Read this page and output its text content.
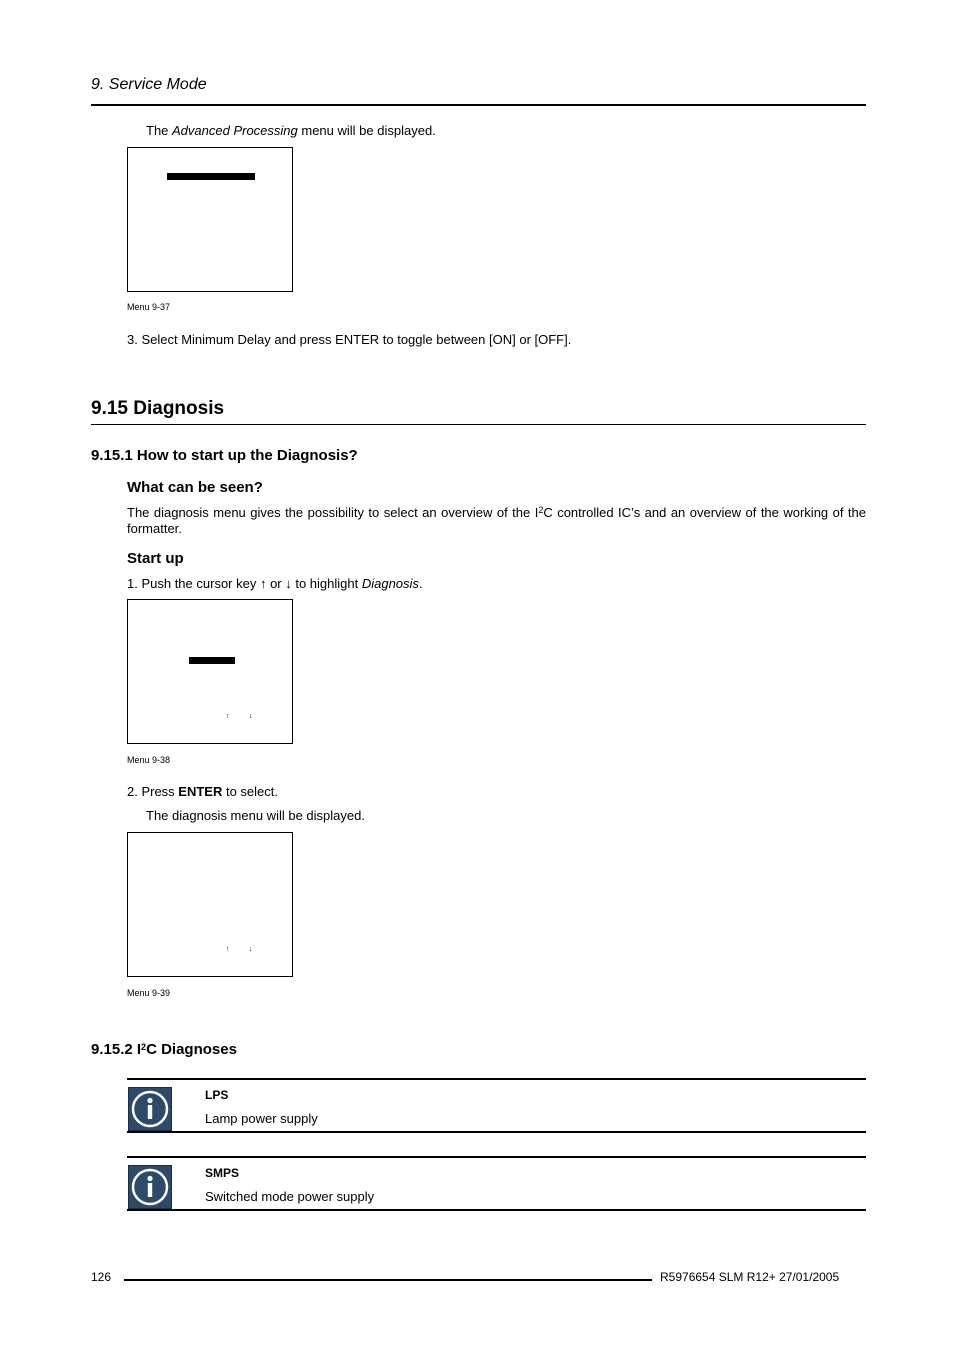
9. Service Mode
The Advanced Processing menu will be displayed.
Menu 9-37
3. Select Minimum Delay and press ENTER to toggle between [ON] or [OFF].
9.15 Diagnosis
9.15.1 How to start up the Diagnosis?
What can be seen?
The diagnosis menu gives the possibility to select an overview of the $I^2C$ controlled IC’s and an overview of the working of the formatter.
Start up
1. Push the cursor key ↑ or ↓ to highlight Diagnosis.
↑	↓
Menu 9-38
2. Press ENTER to select.
The diagnosis menu will be displayed.
↑	↓
Menu 9-39
9.15.2 $I^2C$ Diagnoses
LPS
Lamp power supply
SMPS
Switched mode power supply
126	R5976654 SLM R12+ 27/01/2005
